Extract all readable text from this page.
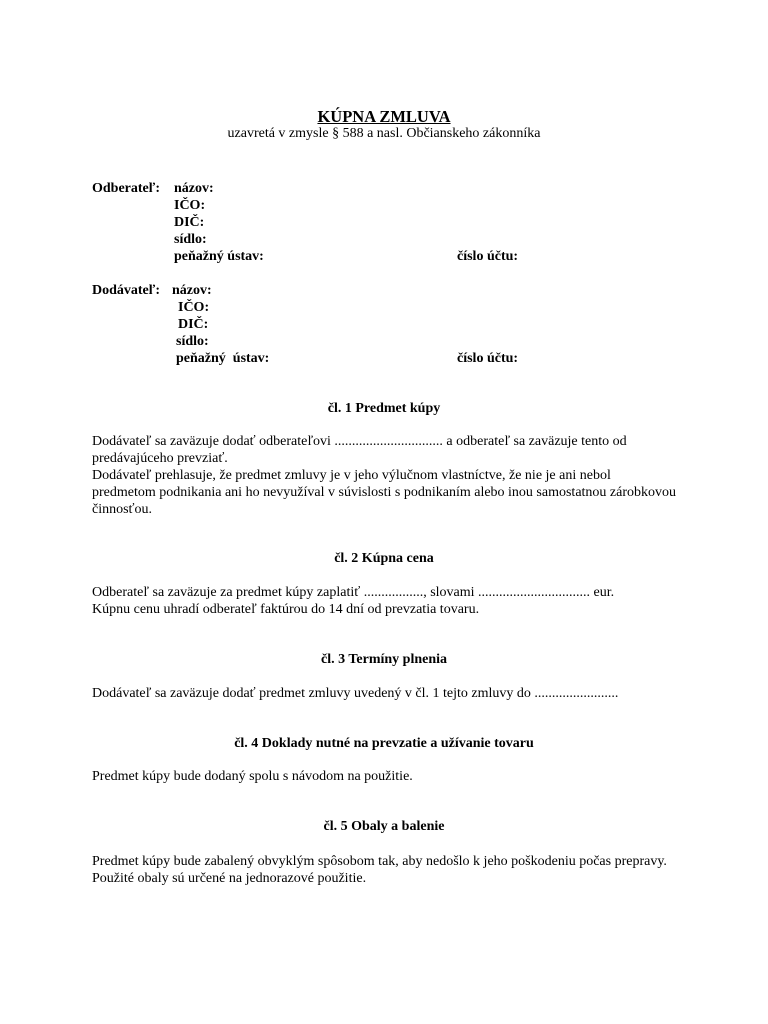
KÚPNA ZMLUVA
uzavretá v zmysle § 588 a nasl. Občianskeho zákonníka
Odberateľ: názov:
IČO:
DIČ:
sídlo:
peňažný ústav:	číslo účtu:
Dodávateľ: názov:
IČO:
DIČ:
sídlo:
peňažný  ústav:	číslo účtu:
čl. 1 Predmet kúpy

Dodávateľ sa zaväzuje dodať odberateľovi ............................... a odberateľ sa zaväzuje tento od predávajúceho prevziať.

Dodávateľ prehlasuje, že predmet zmluvy je v jeho výlučnom vlastníctve, že nie je ani nebol predmetom podnikania ani ho nevyužíval v súvislosti s podnikaním alebo inou samostatnou zárobkovou činnosťou.

čl. 2 Kúpna cena

Odberateľ sa zaväzuje za predmet kúpy zaplatiť ................., slovami ................................ eur.

Kúpnu cenu uhradí odberateľ faktúrou do 14 dní od prevzatia tovaru.

čl. 3 Termíny plnenia

Dodávateľ sa zaväzuje dodať predmet zmluvy uvedený v čl. 1 tejto zmluvy do ........................

čl. 4 Doklady nutné na prevzatie a užívanie tovaru

Predmet kúpy bude dodaný spolu s návodom na použitie.

čl. 5 Obaly a balenie

Predmet kúpy bude zabalený obvyklým spôsobom tak, aby nedošlo k jeho poškodeniu počas prepravy. Použité obaly sú určené na jednorazové použitie.
